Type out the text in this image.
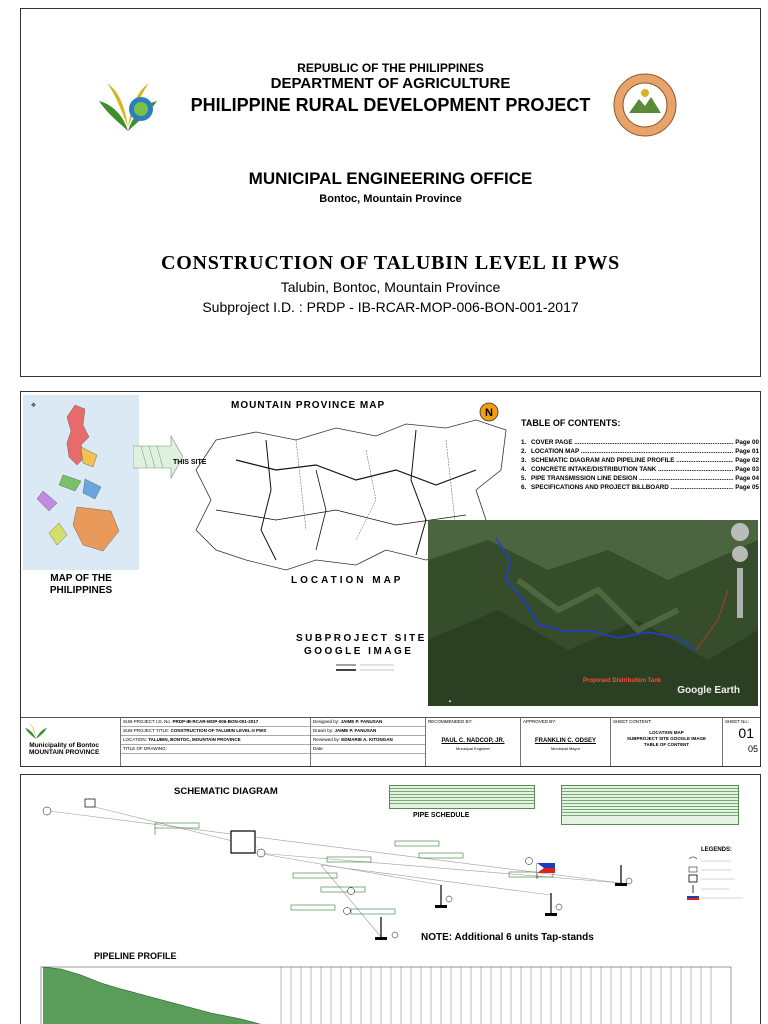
REPUBLIC OF THE PHILIPPINES
DEPARTMENT OF AGRICULTURE
PHILIPPINE RURAL DEVELOPMENT PROJECT
MUNICIPAL ENGINEERING OFFICE
Bontoc, Mountain Province
CONSTRUCTION OF TALUBIN LEVEL II PWS
Talubin, Bontoc, Mountain Province
Subproject I.D. : PRDP - IB-RCAR-MOP-006-BON-001-2017
✥
MAP OF THE PHILIPPINES
MOUNTAIN PROVINCE MAP
THIS SITE
N
TABLE OF CONTENTS:
1. COVER PAGE .....	Page 00
2. LOCATION MAP .....	Page 01
3. SCHEMATIC DIAGRAM AND PIPELINE PROFILE .....	Page 02
4. CONCRETE INTAKE/DISTRIBUTION TANK .....	Page 03
5. PIPE TRANSMISSION LINE DESIGN .....	Page 04
6. SPECIFICATIONS AND PROJECT BILLBOARD .....	Page 05
LOCATION MAP
SUBPROJECT SITE
GOOGLE IMAGE
▲
Proposed Distribution Tank
Google Earth
Municipality of Bontoc
MOUNTAIN PROVINCE
SUB-PROJECT I.D. No. PRDP-IB-RCAR-MOP-006-BON-001-2017
SUB-PROJECT TITLE: CONSTRUCTION OF TALUBIN LEVEL-II PWS
LOCATION: TALUBIN, BONTOC, MOUNTAIN PROVINCE
TITLE OF DRAWING:
Designed by: JAIME P. FANUSAN
Drawn by: JAIME P. FANUSAN
Reviewed by: EDMARIE A. KITONGAN
Date:
RECOMMENDED BY:
PAUL C. NADCOP, JR.
Municipal Engineer
APPROVED BY:
FRANKLIN C. ODSEY
Municipal Mayor
SHEET CONTENT:
LOCATION MAP
SUBPROJECT SITE GOOGLE IMAGE
TABLE OF CONTENT
SHEET No.:
01
05
SCHEMATIC DIAGRAM
PIPE SCHEDULE
NOTE: Additional 6 units Tap-stands
LEGENDS:
PIPELINE PROFILE
